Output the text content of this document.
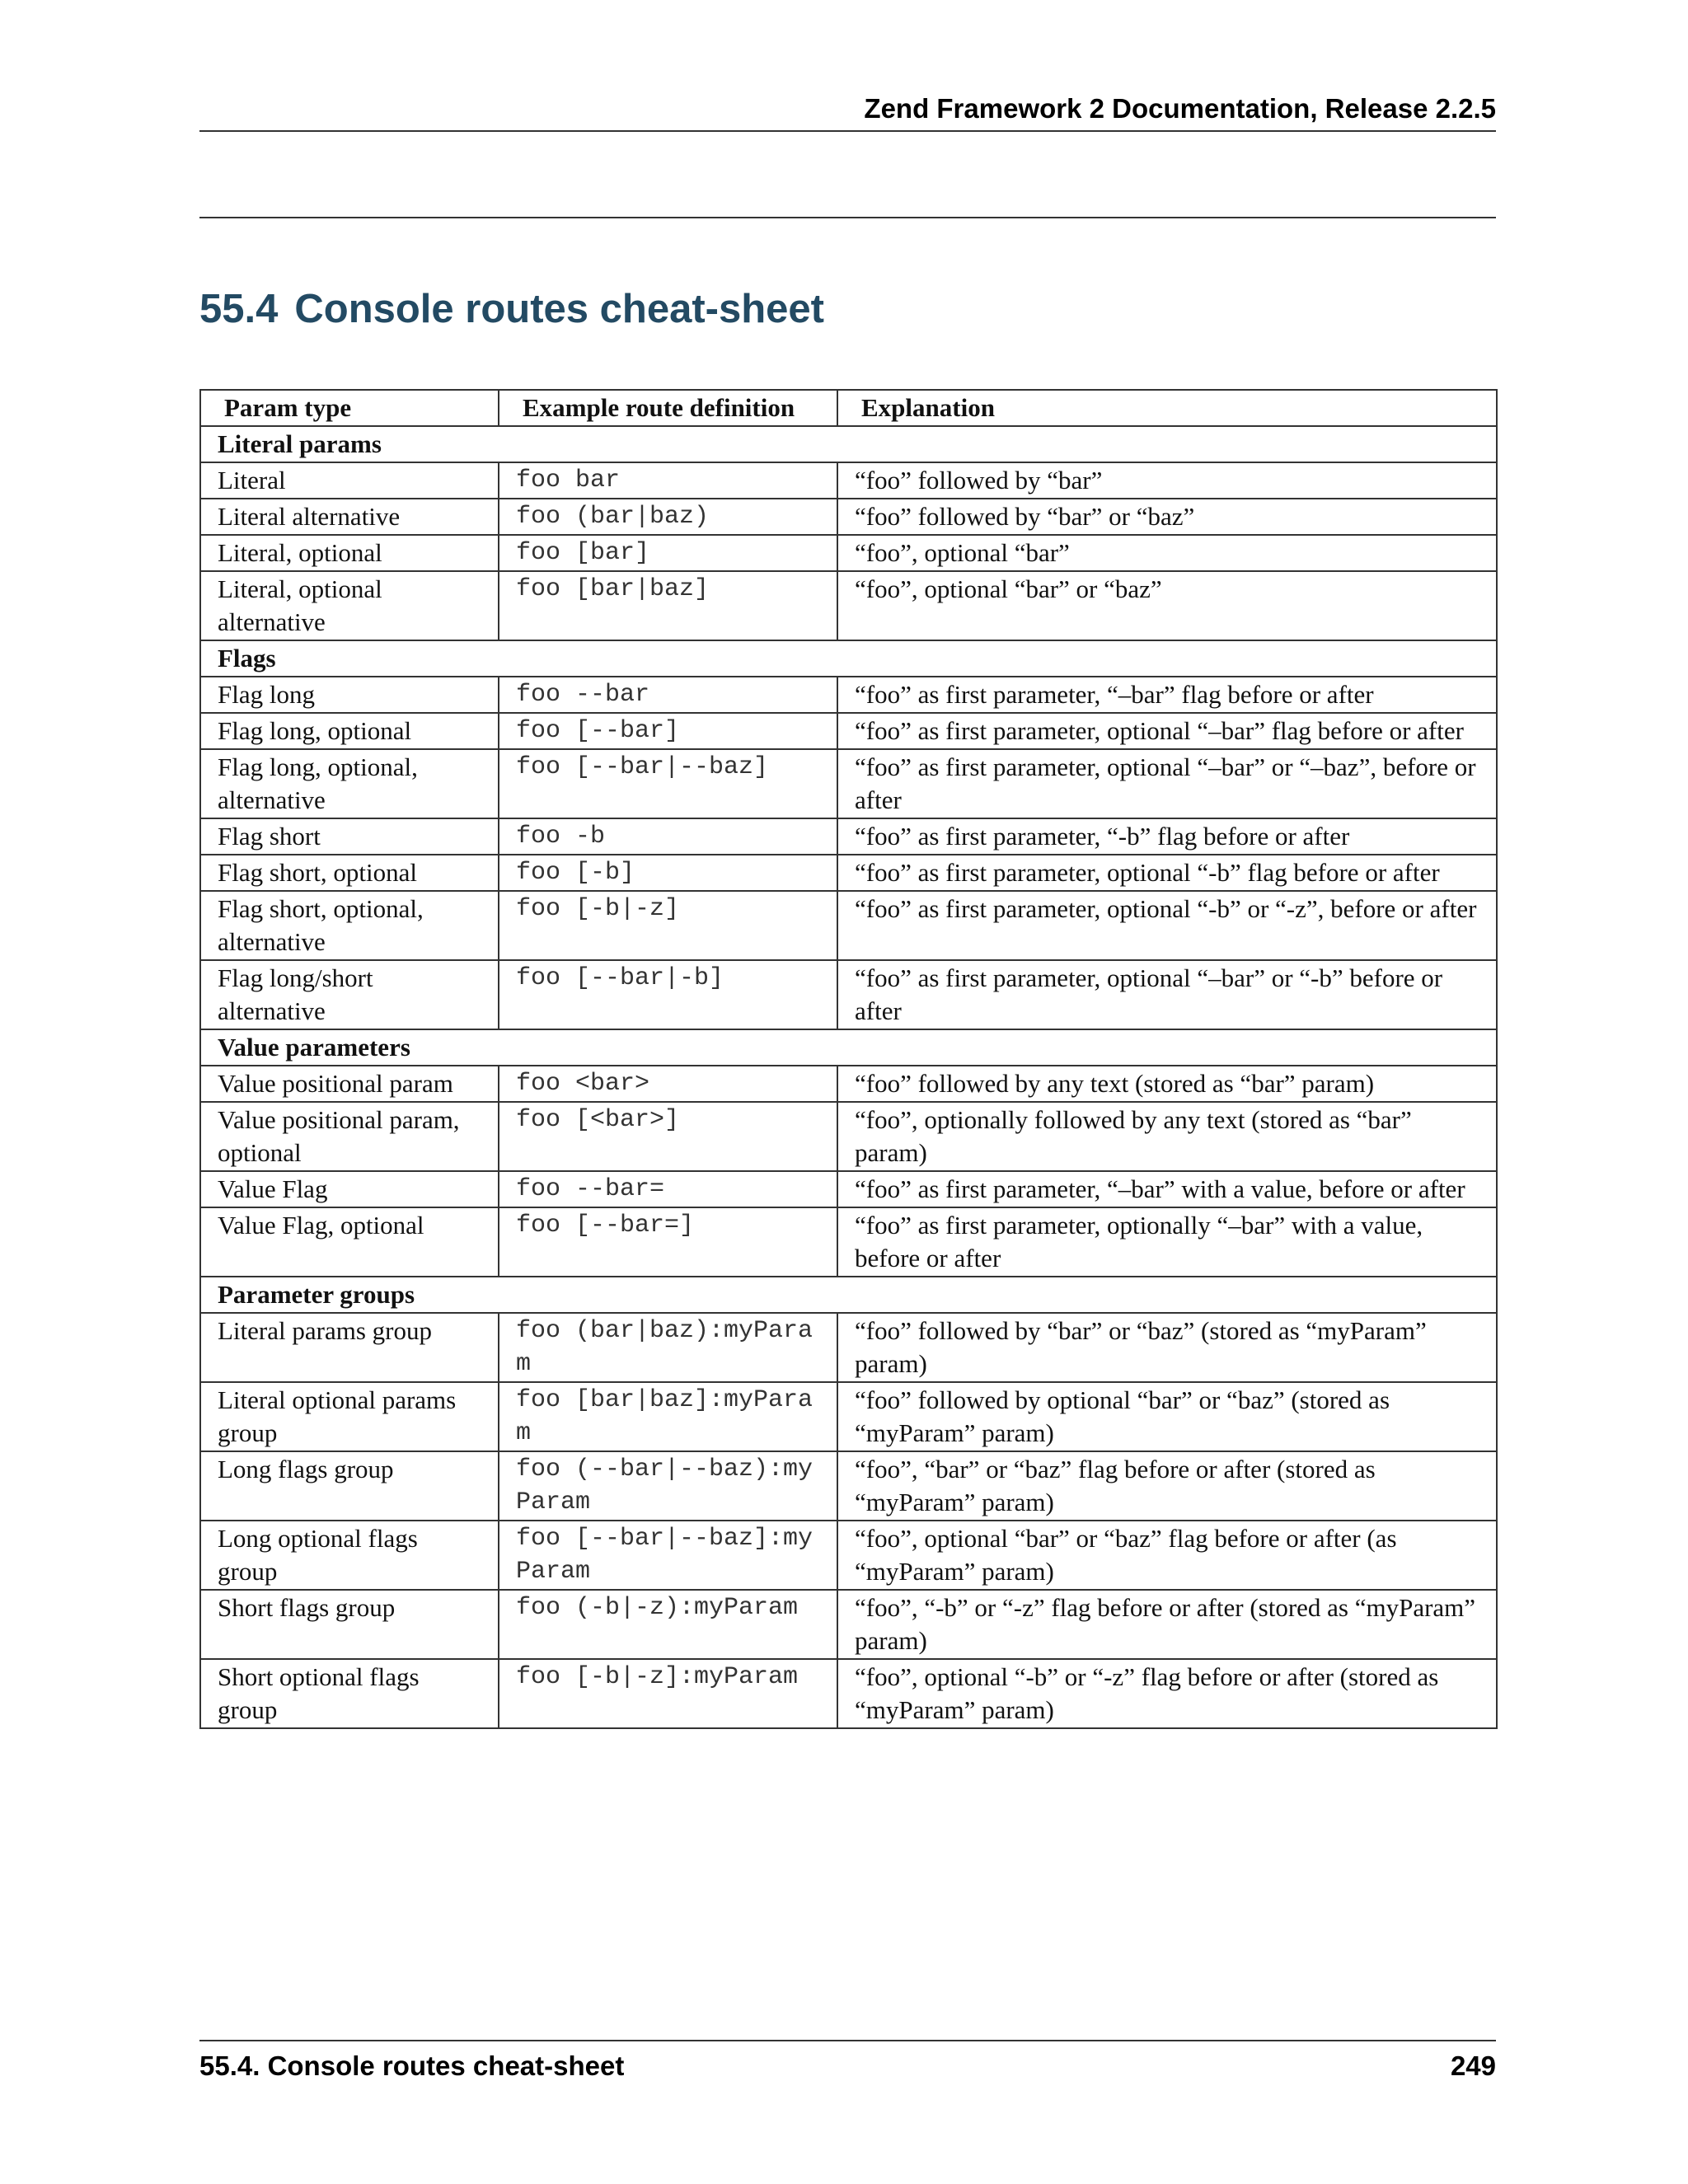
Zend Framework 2 Documentation, Release 2.2.5
55.4 Console routes cheat-sheet
Param type	Example route definition	Explanation
Literal params		
Literal	foo bar	“foo” followed by “bar”
Literal alternative	foo (bar|baz)	“foo” followed by “bar” or “baz”
Literal, optional	foo [bar]	“foo”, optional “bar”
Literal, optional alternative	foo [bar|baz]	“foo”, optional “bar” or “baz”
Flags		
Flag long	foo --bar	“foo” as first parameter, “–bar” flag before or after
Flag long, optional	foo [--bar]	“foo” as first parameter, optional “–bar” flag before or after
Flag long, optional, alternative	foo [--bar|--baz]	“foo” as first parameter, optional “–bar” or “–baz”, before or after
Flag short	foo -b	“foo” as first parameter, “-b” flag before or after
Flag short, optional	foo [-b]	“foo” as first parameter, optional “-b” flag before or after
Flag short, optional, alternative	foo [-b|-z]	“foo” as first parameter, optional “-b” or “-z”, before or after
Flag long/short alternative	foo [--bar|-b]	“foo” as first parameter, optional “–bar” or “-b” before or after
Value parameters		
Value positional param	foo <bar>	“foo” followed by any text (stored as “bar” param)
Value positional param, optional	foo [<bar>]	“foo”, optionally followed by any text (stored as “bar” param)
Value Flag	foo --bar=	“foo” as first parameter, “–bar” with a value, before or after
Value Flag, optional	foo [--bar=]	“foo” as first parameter, optionally “–bar” with a value, before or after
Parameter groups		
Literal params group	foo (bar|baz):myParam	“foo” followed by “bar” or “baz” (stored as “myParam” param)
Literal optional params group	foo [bar|baz]:myParam	“foo” followed by optional “bar” or “baz” (stored as “myParam” param)
Long flags group	foo (--bar|--baz):myParam	“foo”, “bar” or “baz” flag before or after (stored as “myParam” param)
Long optional flags group	foo [--bar|--baz]:myParam	“foo”, optional “bar” or “baz” flag before or after (as “myParam” param)
Short flags group	foo (-b|-z):myParam	“foo”, “-b” or “-z” flag before or after (stored as “myParam” param)
Short optional flags group	foo [-b|-z]:myParam	“foo”, optional “-b” or “-z” flag before or after (stored as “myParam” param)
55.4. Console routes cheat-sheet	249
